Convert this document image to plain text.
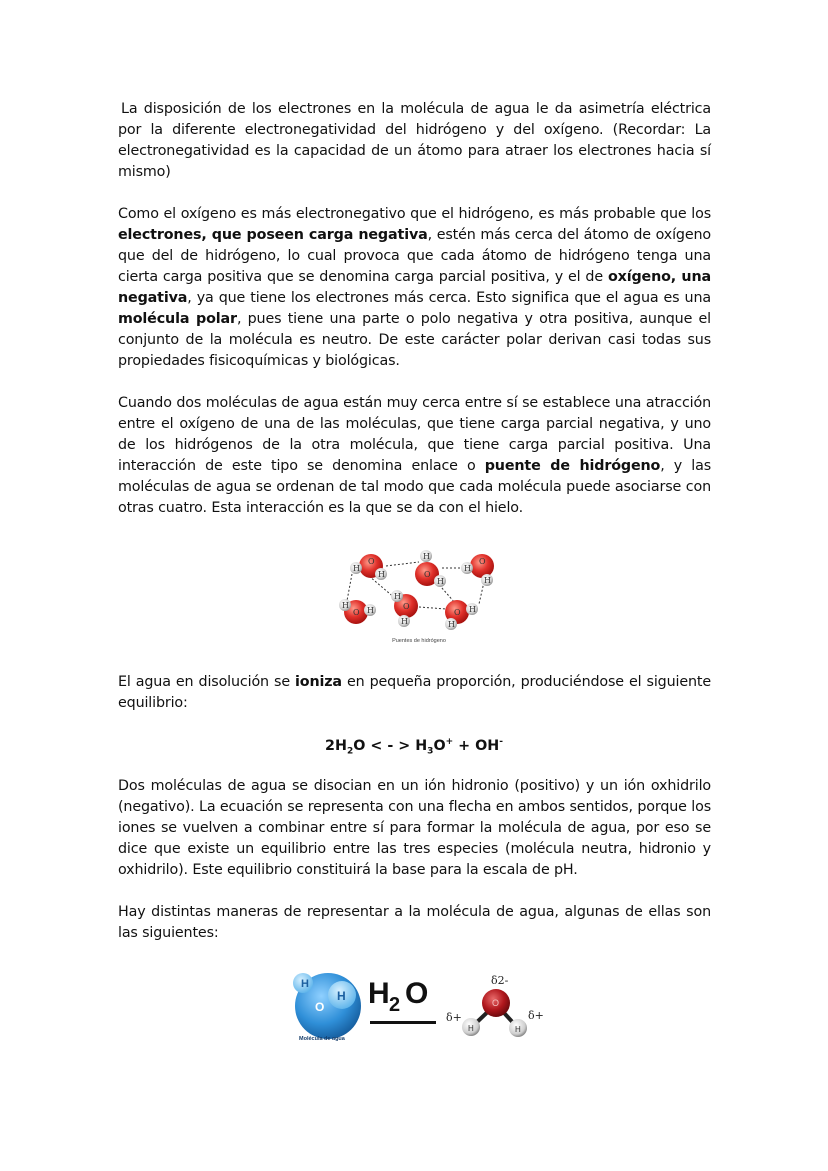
La disposición de los electrones en la molécula de agua le da asimetría eléctrica por la diferente electronegatividad del hidrógeno y del oxígeno. (Recordar: La electronegatividad es la capacidad de un átomo para atraer los electrones hacia sí mismo)

Como el oxígeno es más electronegativo que el hidrógeno, es más probable que los electrones, que poseen carga negativa, estén más cerca del átomo de oxígeno que del de hidrógeno, lo cual provoca que cada átomo de hidrógeno tenga una cierta carga positiva que se denomina carga parcial positiva, y el de oxígeno, una negativa, ya que tiene los electrones más cerca. Esto significa que el agua es una molécula polar, pues tiene una parte o polo negativa y otra positiva, aunque el conjunto de la molécula es neutro. De este carácter polar derivan casi todas sus propiedades fisicoquímicas y biológicas.

Cuando dos moléculas de agua están muy cerca entre sí se establece una atracción entre el oxígeno de una de las moléculas, que tiene carga parcial negativa, y uno de los hidrógenos de la otra molécula, que tiene carga parcial positiva. Una interacción de este tipo se denomina enlace o puente de hidrógeno, y las moléculas de agua se ordenan de tal modo que cada molécula puede asociarse con otras cuatro. Esta interacción es la que se da con el hielo.

O
H
H	O
H
H
O
H
H
O
H
H	O
H
H
O H
H
Puentes de hidrógeno

El agua en disolución se ioniza en pequeña proporción, produciéndose el siguiente equilibrio:

$2H_2O$ < - > $H_3O^+ + OH^-$

Dos moléculas de agua se disocian en un ión hidronio (positivo) y un ión oxhidrilo (negativo). La ecuación se representa con una flecha en ambos sentidos, porque los iones se vuelven a combinar entre sí para formar la molécula de agua, por eso se dice que existe un equilibrio entre las tres especies (molécula neutra, hidronio y oxhidrilo). Este equilibrio constituirá la base para la escala de pH.

Hay distintas maneras de representar a la molécula de agua, algunas de ellas son las siguientes:

H
O
H
Molécula de agua
H 2 O	δ2-
δ+	δ+
O
H	H
